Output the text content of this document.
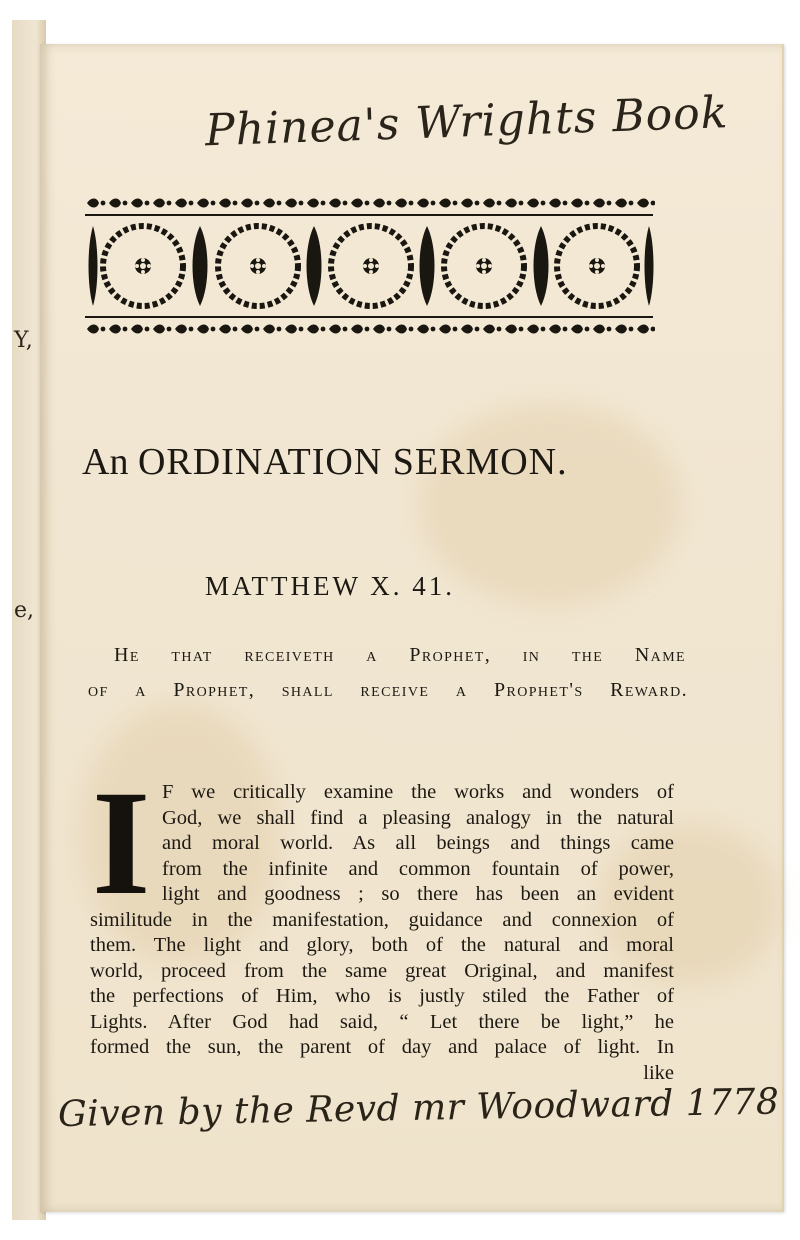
Y,
e,
Phinea's Wrights Book
An ORDINATION SERMON.
MATTHEW X. 41.
He that receiveth a Prophet, in the Name
of a Prophet, shall receive a Prophet's Reward.
I F we critically examine the works and wonders of
God, we shall find a pleasing analogy in the natural
and moral world. As all beings and things came
from the infinite and common fountain of power,
light and goodness ; so there has been an evident
similitude in the manifestation, guidance and connexion of
them. The light and glory, both of the natural and moral
world, proceed from the same great Original, and manifest
the perfections of Him, who is justly stiled the Father of
Lights. After God had said, “ Let there be light,” he
formed the sun, the parent of day and palace of light. In
like
Given by the Revd mr Woodward 1778
